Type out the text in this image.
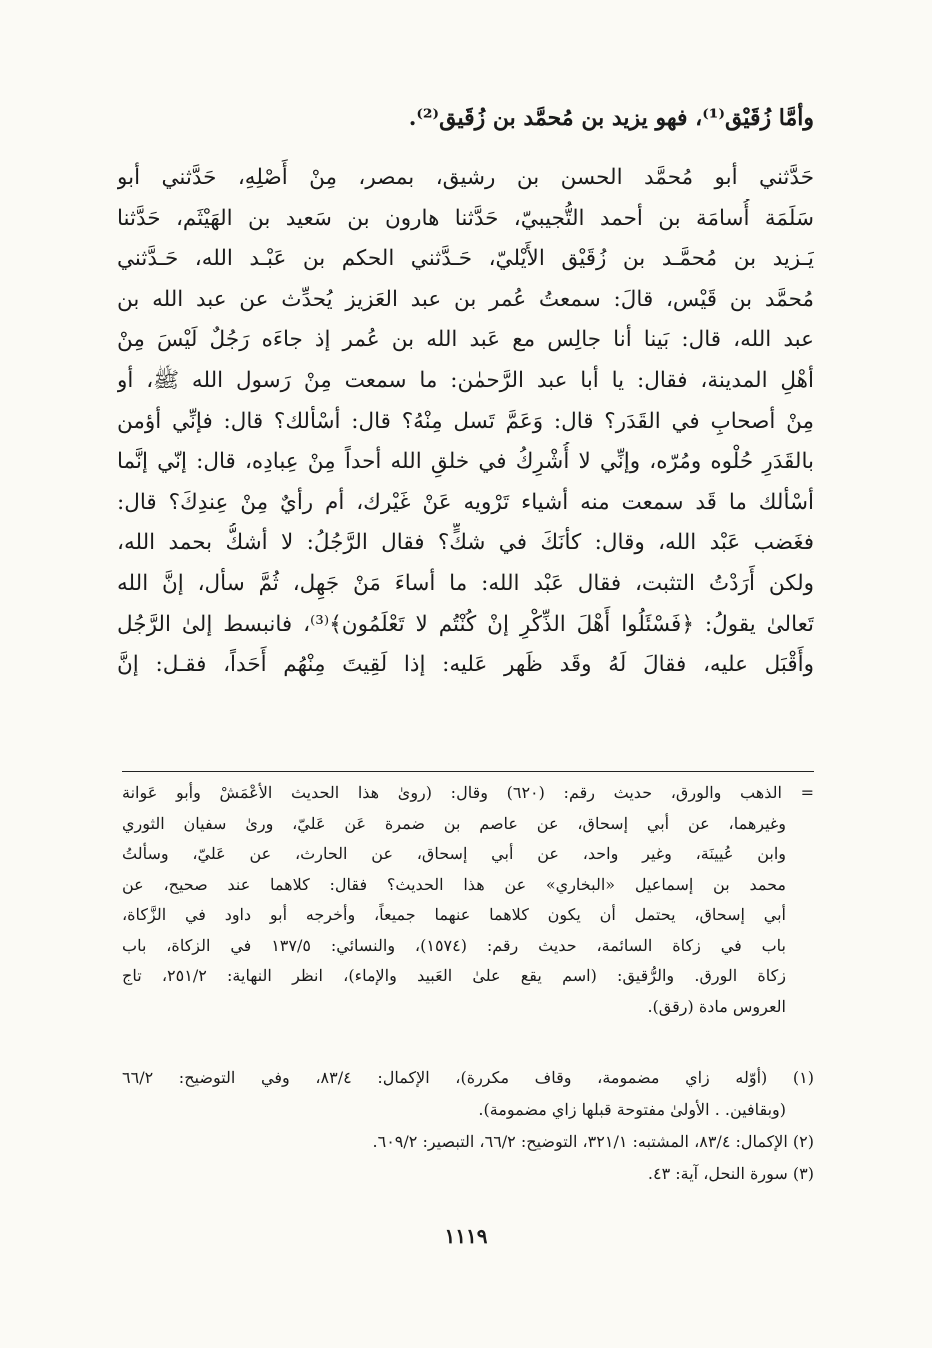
وأمَّا زُقَيْق⁽¹⁾، فهو يزيد بن مُحمَّد بن زُقَيق⁽²⁾.
حَدَّثني أبو مُحمَّد الحسن بن رشيق، بمصر، مِنْ أَصْلِهِ، حَدَّثني أبو
سَلَمَة أُسامَة بن أحمد التُّجيبيّ، حَدَّثنا هارون بن سَعيد بن الهَيْثَم، حَدَّثنا
يَـزيد بن مُحمَّـد بن زُقَيْق الأَيْليّ، حَـدَّثني الحكم بن عَبْـد الله، حَـدَّثني
مُحمَّد بن قَيْس، قالَ: سمعتُ عُمر بن عبد العَزيز يُحدِّث عن عبد الله بن
عبد الله، قال: بَينا أنا جالِس مع عَبد الله بن عُمر إذ جاءَه رَجُلٌ لَيْسَ مِنْ
أهْلِ المدينة، فقال: يا أبا عبد الرَّحمٰن: ما سمعت مِنْ رَسول الله ﷺ، أو
مِنْ أصحابِ في القَدَر؟ قال: وَعَمَّ تَسل مِنْهُ؟ قال: أسْألك؟ قال: فإنِّي أؤمن
بالقَدَرِ حُلْوه ومُرّه، وإنِّي لا أُشْرِكُ في خلقِ الله أحداً مِنْ عِبادِه، قال: إنّي إنَّما
أسْألك ما قَد سمعت منه أشياء تَرْويه عَنْ غَيْرك، أم رأيٌ مِنْ عِندِكَ؟ قال:
فغَضب عَبْد الله، وقال: كأنَكَ في شكٍّ؟ فقال الرَّجُلُ: لا أشكُّ بحمد الله،
ولكن أَرَدْتُ التثبت، فقال عَبْد الله: ما أساءَ مَنْ جَهِل، ثُمَّ سأل، إنَّ الله
تَعالىٰ يقولُ: ﴿فَسْئَلُوا أَهْلَ الذِّكْرِ إنْ كُنْتُم لا تَعْلَمُون﴾⁽³⁾، فانبسط إلىٰ الرَّجُل
وأَقْبَل عليه، فقالَ لَهُ وقَد ظَهر عَليه: إذا لَقِيتَ مِنْهُم أَحَداً، فقـل: إنَّ
= الذهب والورق، حديث رقم: (٦٢٠) وقال: (روىٰ هذا الحديث الأعْمَشْ وأبو عَوانة
وغيرهما، عن أبي إسحاق، عن عاصم بن ضمرة عَن عَليّ، ورىٰ سفيان الثوري
وابن عُيينَة، وغير واحد، عن أبي إسحاق، عن الحارث، عن عَليّ، وسألتُ
محمد بن إسماعيل «البخاري» عن هذا الحديث؟ فقال: كلاهما عند صحيح، عن
أبي إسحاق، يحتمل أن يكون كلاهما عنهما جميعاً، وأخرجه أبو داود في الزَّكاة،
باب في زكاة السائمة، حديث رقم: (١٥٧٤)، والنسائي: ١٣٧/٥ في الزكاة، باب
زكاة الورق. والرُّقيق: (اسم يقع علىٰ العَبيد والإماء)، انظر النهاية: ٢٥١/٢، تاج
العروس مادة (رقق).
(١) (أوّله زاي مضمومة، وقاف مكررة)، الإكمال: ٨٣/٤، وفي التوضيح: ٦٦/٢
(وبقافين. . الأولىٰ مفتوحة قبلها زاي مضمومة).
(٢) الإكمال: ٨٣/٤، المشتبه: ٣٢١/١، التوضيح: ٦٦/٢، التبصير: ٦٠٩/٢.
(٣) سورة النحل، آية: ٤٣.
١١١٩
